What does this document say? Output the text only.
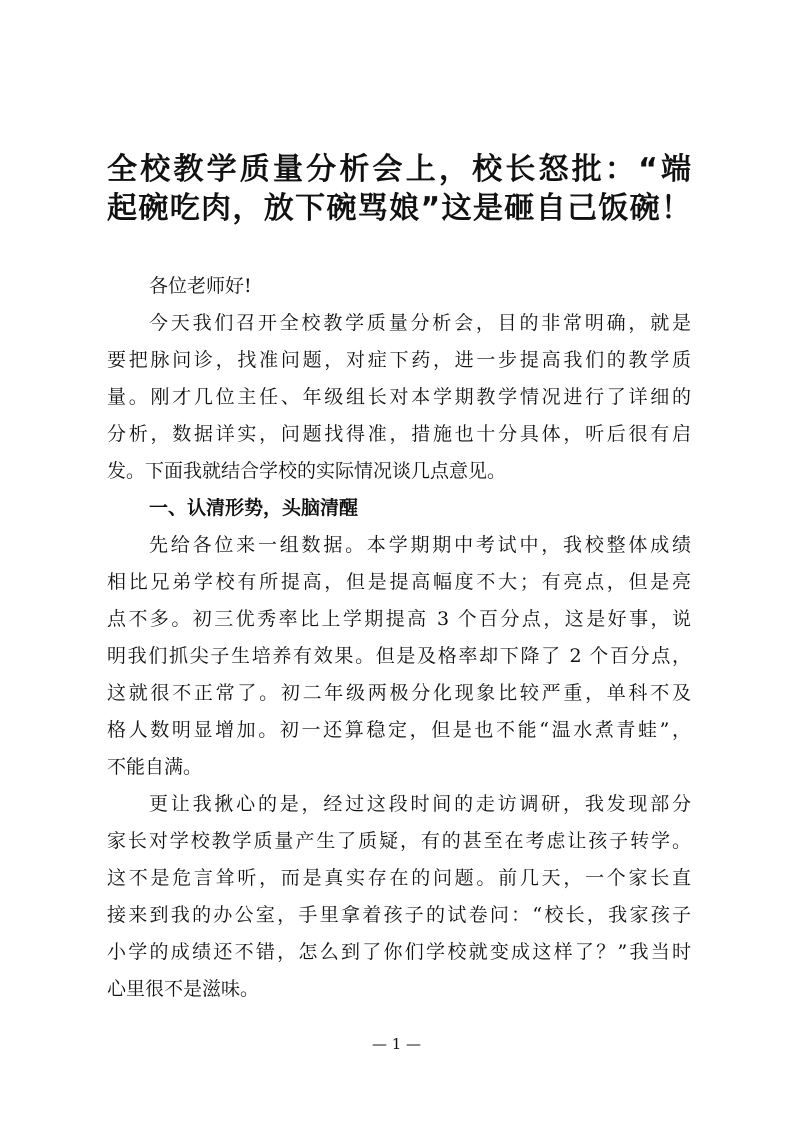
全校教学质量分析会上，校长怒批：“端
起碗吃肉，放下碗骂娘”这是砸自己饭碗！
各位老师好!
今天我们召开全校教学质量分析会，目的非常明确，就是
要把脉问诊，找准问题，对症下药，进一步提高我们的教学质
量。刚才几位主任、年级组长对本学期教学情况进行了详细的
分析，数据详实，问题找得准，措施也十分具体，听后很有启
发。下面我就结合学校的实际情况谈几点意见。
一、认清形势，头脑清醒
先给各位来一组数据。本学期期中考试中，我校整体成绩
相比兄弟学校有所提高，但是提高幅度不大；有亮点，但是亮
点不多。初三优秀率比上学期提高 3 个百分点，这是好事，说
明我们抓尖子生培养有效果。但是及格率却下降了 2 个百分点，
这就很不正常了。初二年级两极分化现象比较严重，单科不及
格人数明显增加。初一还算稳定，但是也不能“温水煮青蛙”，
不能自满。
更让我揪心的是，经过这段时间的走访调研，我发现部分
家长对学校教学质量产生了质疑，有的甚至在考虑让孩子转学。
这不是危言耸听，而是真实存在的问题。前几天，一个家长直
接来到我的办公室，手里拿着孩子的试卷问：“校长，我家孩子
小学的成绩还不错，怎么到了你们学校就变成这样了？”我当时
心里很不是滋味。
— 1 —
